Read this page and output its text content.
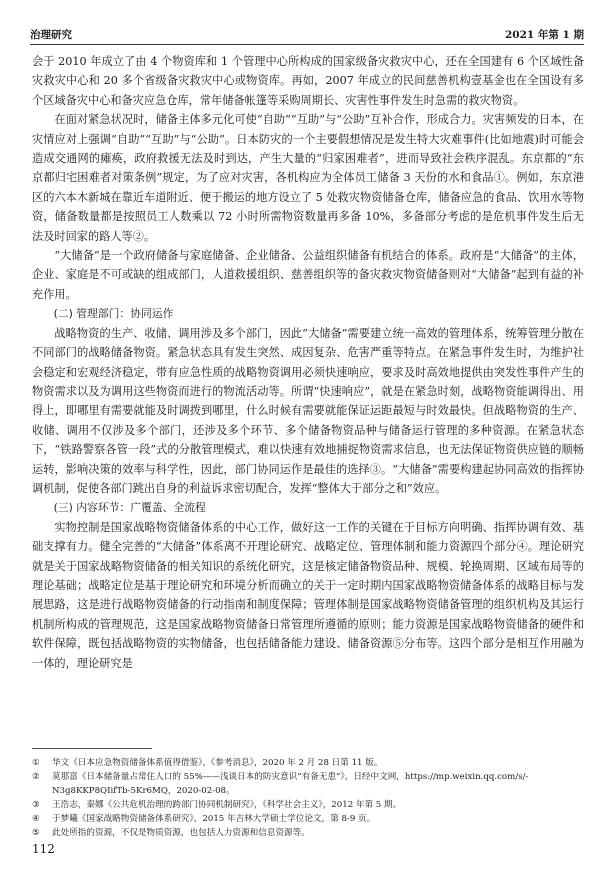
治理研究	2021 年第 1 期

会于 2010 年成立了由 4 个物资库和 1 个管理中心所构成的国家级备灾救灾中心，还在全国建有 6 个区域性备灾救灾中心和 20 多个省级备灾救灾中心或物资库。再如，2007 年成立的民间慈善机构壹基金也在全国设有多个区域备灾中心和备灾应急仓库，常年储备帐篷等采购周期长、灾害性事件发生时急需的救灾物资。

在面对紧急状况时，储备主体多元化可使“自助”“互助”与“公助”互补合作，形成合力。灾害频发的日本，在灾情应对上强调“自助”“互助”与“公助”。日本防灾的一个主要假想情况是发生特大灾难事件(比如地震)时可能会造成交通网的瘫痪，政府救援无法及时到达，产生大量的“归家困难者”，进而导致社会秩序混乱。东京都的“东京都归宅困难者对策条例”规定，为了应对灾害，各机构应为全体员工储备 3 天份的水和食品①。例如，东京港区的六本木新城在靠近车道附近、便于搬运的地方设立了 5 处救灾物资储备仓库，储备应急的食品、饮用水等物资，储备数量都是按照员工人数乘以 72 小时所需物资数量再多备 10%，多备部分考虑的是危机事件发生后无法及时回家的路人等②。

“大储备”是一个政府储备与家庭储备、企业储备、公益组织储备有机结合的体系。政府是“大储备”的主体，企业、家庭是不可或缺的组成部门，人道救援组织、慈善组织等的备灾救灾物资储备则对“大储备”起到有益的补充作用。

(二) 管理部门：协同运作

战略物资的生产、收储、调用涉及多个部门，因此“大储备”需要建立统一高效的管理体系，统筹管理分散在不同部门的战略储备物资。紧急状态具有发生突然、成因复杂、危害严重等特点。在紧急事件发生时，为维护社会稳定和宏观经济稳定，带有应急性质的战略物资调用必须快速响应，要求及时高效地提供由突发性事件产生的物资需求以及为调用这些物资而进行的物流活动等。所谓“快速响应”，就是在紧急时刻，战略物资能调得出、用得上，即哪里有需要就能及时调拨到哪里，什么时候有需要就能保证运距最短与时效最快。但战略物资的生产、收储、调用不仅涉及多个部门，还涉及多个环节、多个储备物资品种与储备运行管理的多种资源。在紧急状态下，“铁路警察各管一段”式的分散管理模式，难以快速有效地捕捉物资需求信息，也无法保证物资供应链的顺畅运转，影响决策的效率与科学性，因此，部门协同运作是最佳的选择③。“大储备”需要构建起协同高效的指挥协调机制，促使各部门跳出自身的利益诉求密切配合，发挥“整体大于部分之和”效应。

(三) 内容环节：广覆盖、全流程

实物控制是国家战略物资储备体系的中心工作，做好这一工作的关键在于目标方向明确、指挥协调有效、基础支撑有力。健全完善的“大储备”体系离不开理论研究、战略定位、管理体制和能力资源四个部分④。理论研究就是关于国家战略物资储备的相关知识的系统化研究，这是核定储备物资品种、规模、轮换周期、区域布局等的理论基础；战略定位是基于理论研究和环境分析而确立的关于一定时期内国家战略物资储备体系的战略目标与发展思路，这是进行战略物资储备的行动指南和制度保障；管理体制是国家战略物资储备管理的组织机构及其运行机制所构成的管理规范，这是国家战略物资储备日常管理所遵循的原则；能力资源是国家战略物资储备的硬件和软件保障，既包括战略物资的实物储备，也包括储备能力建设、储备资源⑤分布等。这四个部分是相互作用融为一体的，理论研究是

①	华文《日本应急物资储备体系值得借鉴》，《参考消息》，2020 年 2 月 28 日第 11 版。
②	莫那富《日本储备量占常住人口的 55%——浅谈日本的防灾意识“有备无患”》，日经中文网，https://mp.weixin.qq.com/s/-N3g8KKP8QIifTb-5Kr6MQ，2020-02-08。
③	王浩志，秦娜《公共危机治理的跨部门协同机制研究》，《科学社会主义》，2012 年第 5 期。
④	于梦曦《国家战略物资储备体系研究》，2015 年吉林大学硕士学位论文，第 8-9 页。
⑤	此处所指的资源，不仅是物质资源，也包括人力资源和信息资源等。
112
